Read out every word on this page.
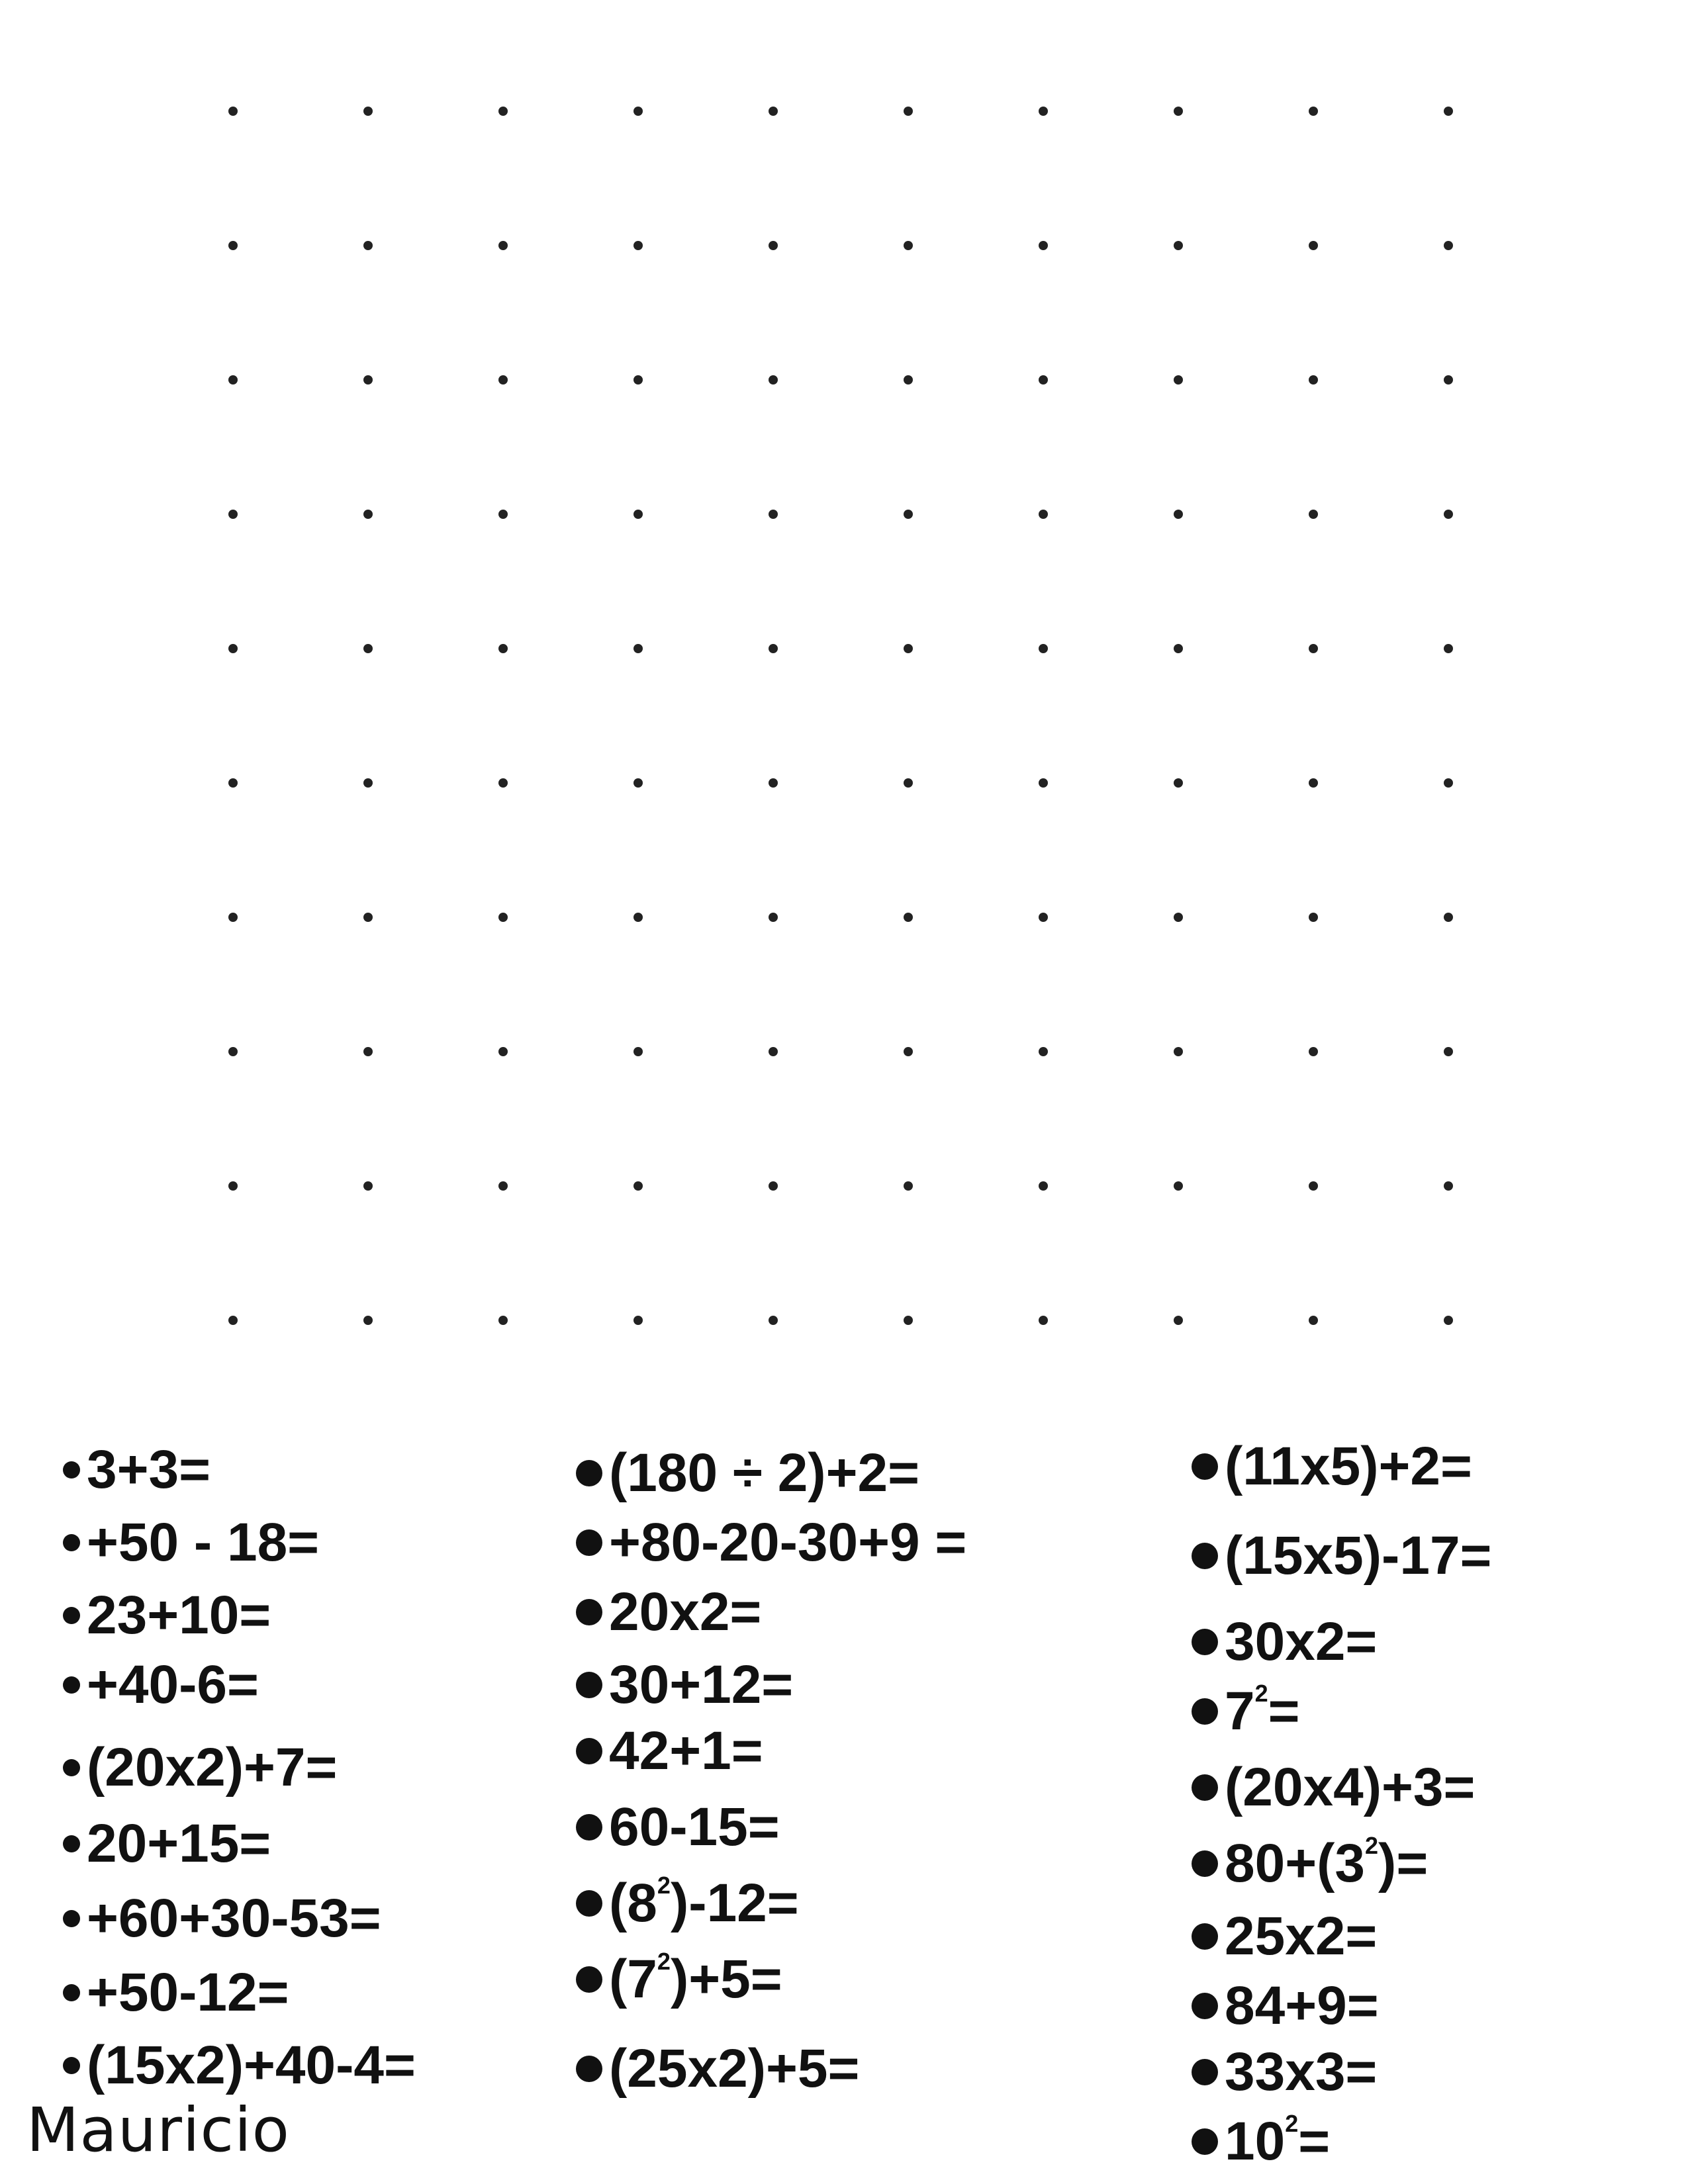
3+3=
+50 - 18=
23+10=
+40-6=
(20x2)+7=
20+15=
+60+30-53=
+50-12=
(15x2)+40-4=
(180 ÷ 2)+2=
+80-20-30+9 =
20x2=
30+12=
42+1=
60-15=
$(8^2)-12=$
$(7^2)+5=$
(25x2)+5=
(11x5)+2=
(15x5)-17=
30x2=
$7^2=$
(20x4)+3=
$80+(3^2)=$
25x2=
84+9=
33x3=
$10^2=$
Mauricio
